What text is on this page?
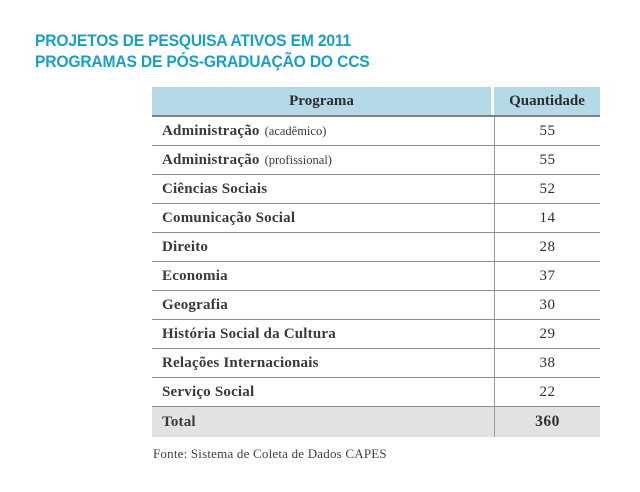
PROJETOS DE PESQUISA ATIVOS EM 2011
PROGRAMAS DE PÓS-GRADUAÇÃO DO CCS
Programa	Quantidade
Administração (acadêmico)	55
Administração (profissional)	55
Ciências Sociais	52
Comunicação Social	14
Direito	28
Economia	37
Geografia	30
História Social da Cultura	29
Relações Internacionais	38
Serviço Social	22
Total	360
Fonte: Sistema de Coleta de Dados CAPES
